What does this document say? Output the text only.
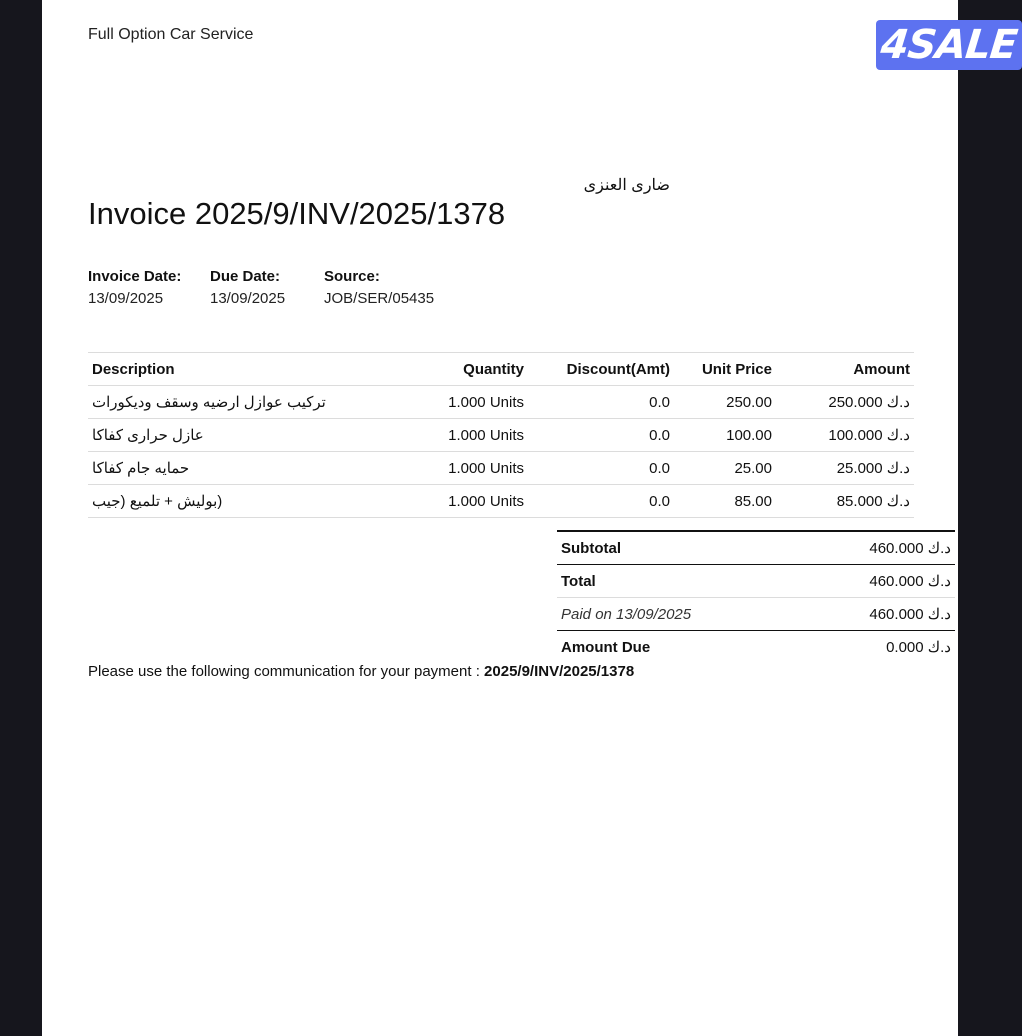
Full Option Car Service	4SALE
ضارى العنزى
Invoice 2025/9/INV/2025/1378
Invoice Date:
13/09/2025
Due Date:
13/09/2025
Source:
JOB/SER/05435
Description	Quantity	Discount(Amt)	Unit Price	Amount
تركيب عوازل ارضيه وسقف وديكورات	1.000 Units	0.0	250.00	د.ك 250.000
عازل حرارى كفاكا	1.000 Units	0.0	100.00	د.ك 100.000
حمايه جام كفاكا	1.000 Units	0.0	25.00	د.ك 25.000
(بوليش + تلميع (جيب	1.000 Units	0.0	85.00	د.ك 85.000
Subtotal	د.ك 460.000
Total	د.ك 460.000
Paid on 13/09/2025	د.ك 460.000
Amount Due	د.ك 0.000
Please use the following communication for your payment : 2025/9/INV/2025/1378
